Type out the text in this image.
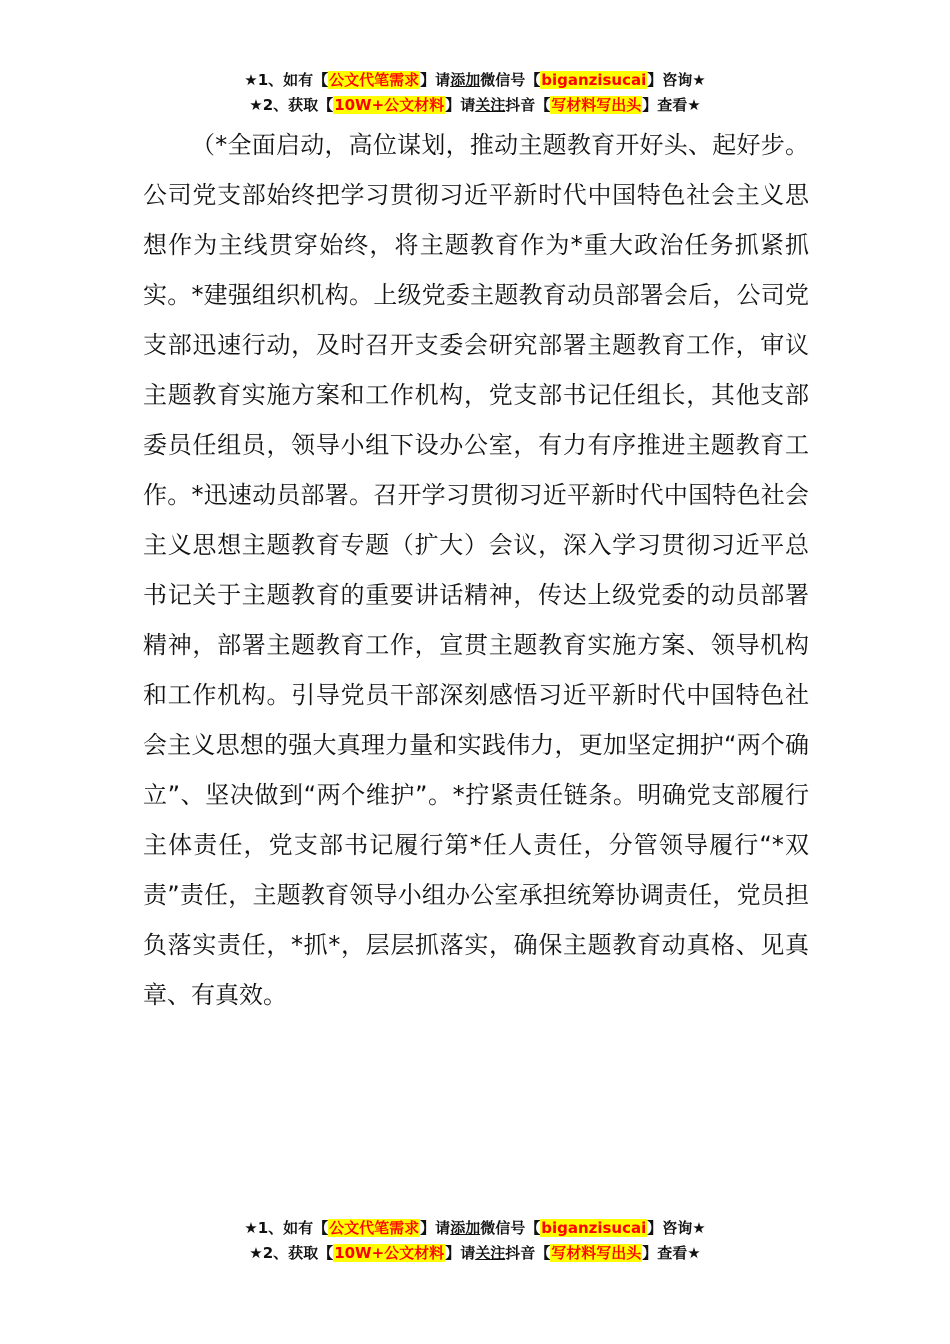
★1、如有【公文代笔需求】请添加微信号【biganzisucai】咨询★
★2、获取【10W+公文材料】请关注抖音【写材料写出头】查看★

（*全面启动，高位谋划，推动主题教育开好头、起好步。公司党支部始终把学习贯彻习近平新时代中国特色社会主义思想作为主线贯穿始终，将主题教育作为*重大政治任务抓紧抓实。*建强组织机构。上级党委主题教育动员部署会后，公司党支部迅速行动，及时召开支委会研究部署主题教育工作，审议主题教育实施方案和工作机构，党支部书记任组长，其他支部委员任组员，领导小组下设办公室，有力有序推进主题教育工作。*迅速动员部署。召开学习贯彻习近平新时代中国特色社会主义思想主题教育专题（扩大）会议，深入学习贯彻习近平总书记关于主题教育的重要讲话精神，传达上级党委的动员部署精神，部署主题教育工作，宣贯主题教育实施方案、领导机构和工作机构。引导党员干部深刻感悟习近平新时代中国特色社会主义思想的强大真理力量和实践伟力，更加坚定拥护“两个确立”、坚决做到“两个维护”。*拧紧责任链条。明确党支部履行主体责任，党支部书记履行第*任人责任，分管领导履行“*双责”责任，主题教育领导小组办公室承担统筹协调责任，党员担负落实责任，*抓*，层层抓落实，确保主题教育动真格、见真章、有真效。

★1、如有【公文代笔需求】请添加微信号【biganzisucai】咨询★
★2、获取【10W+公文材料】请关注抖音【写材料写出头】查看★
